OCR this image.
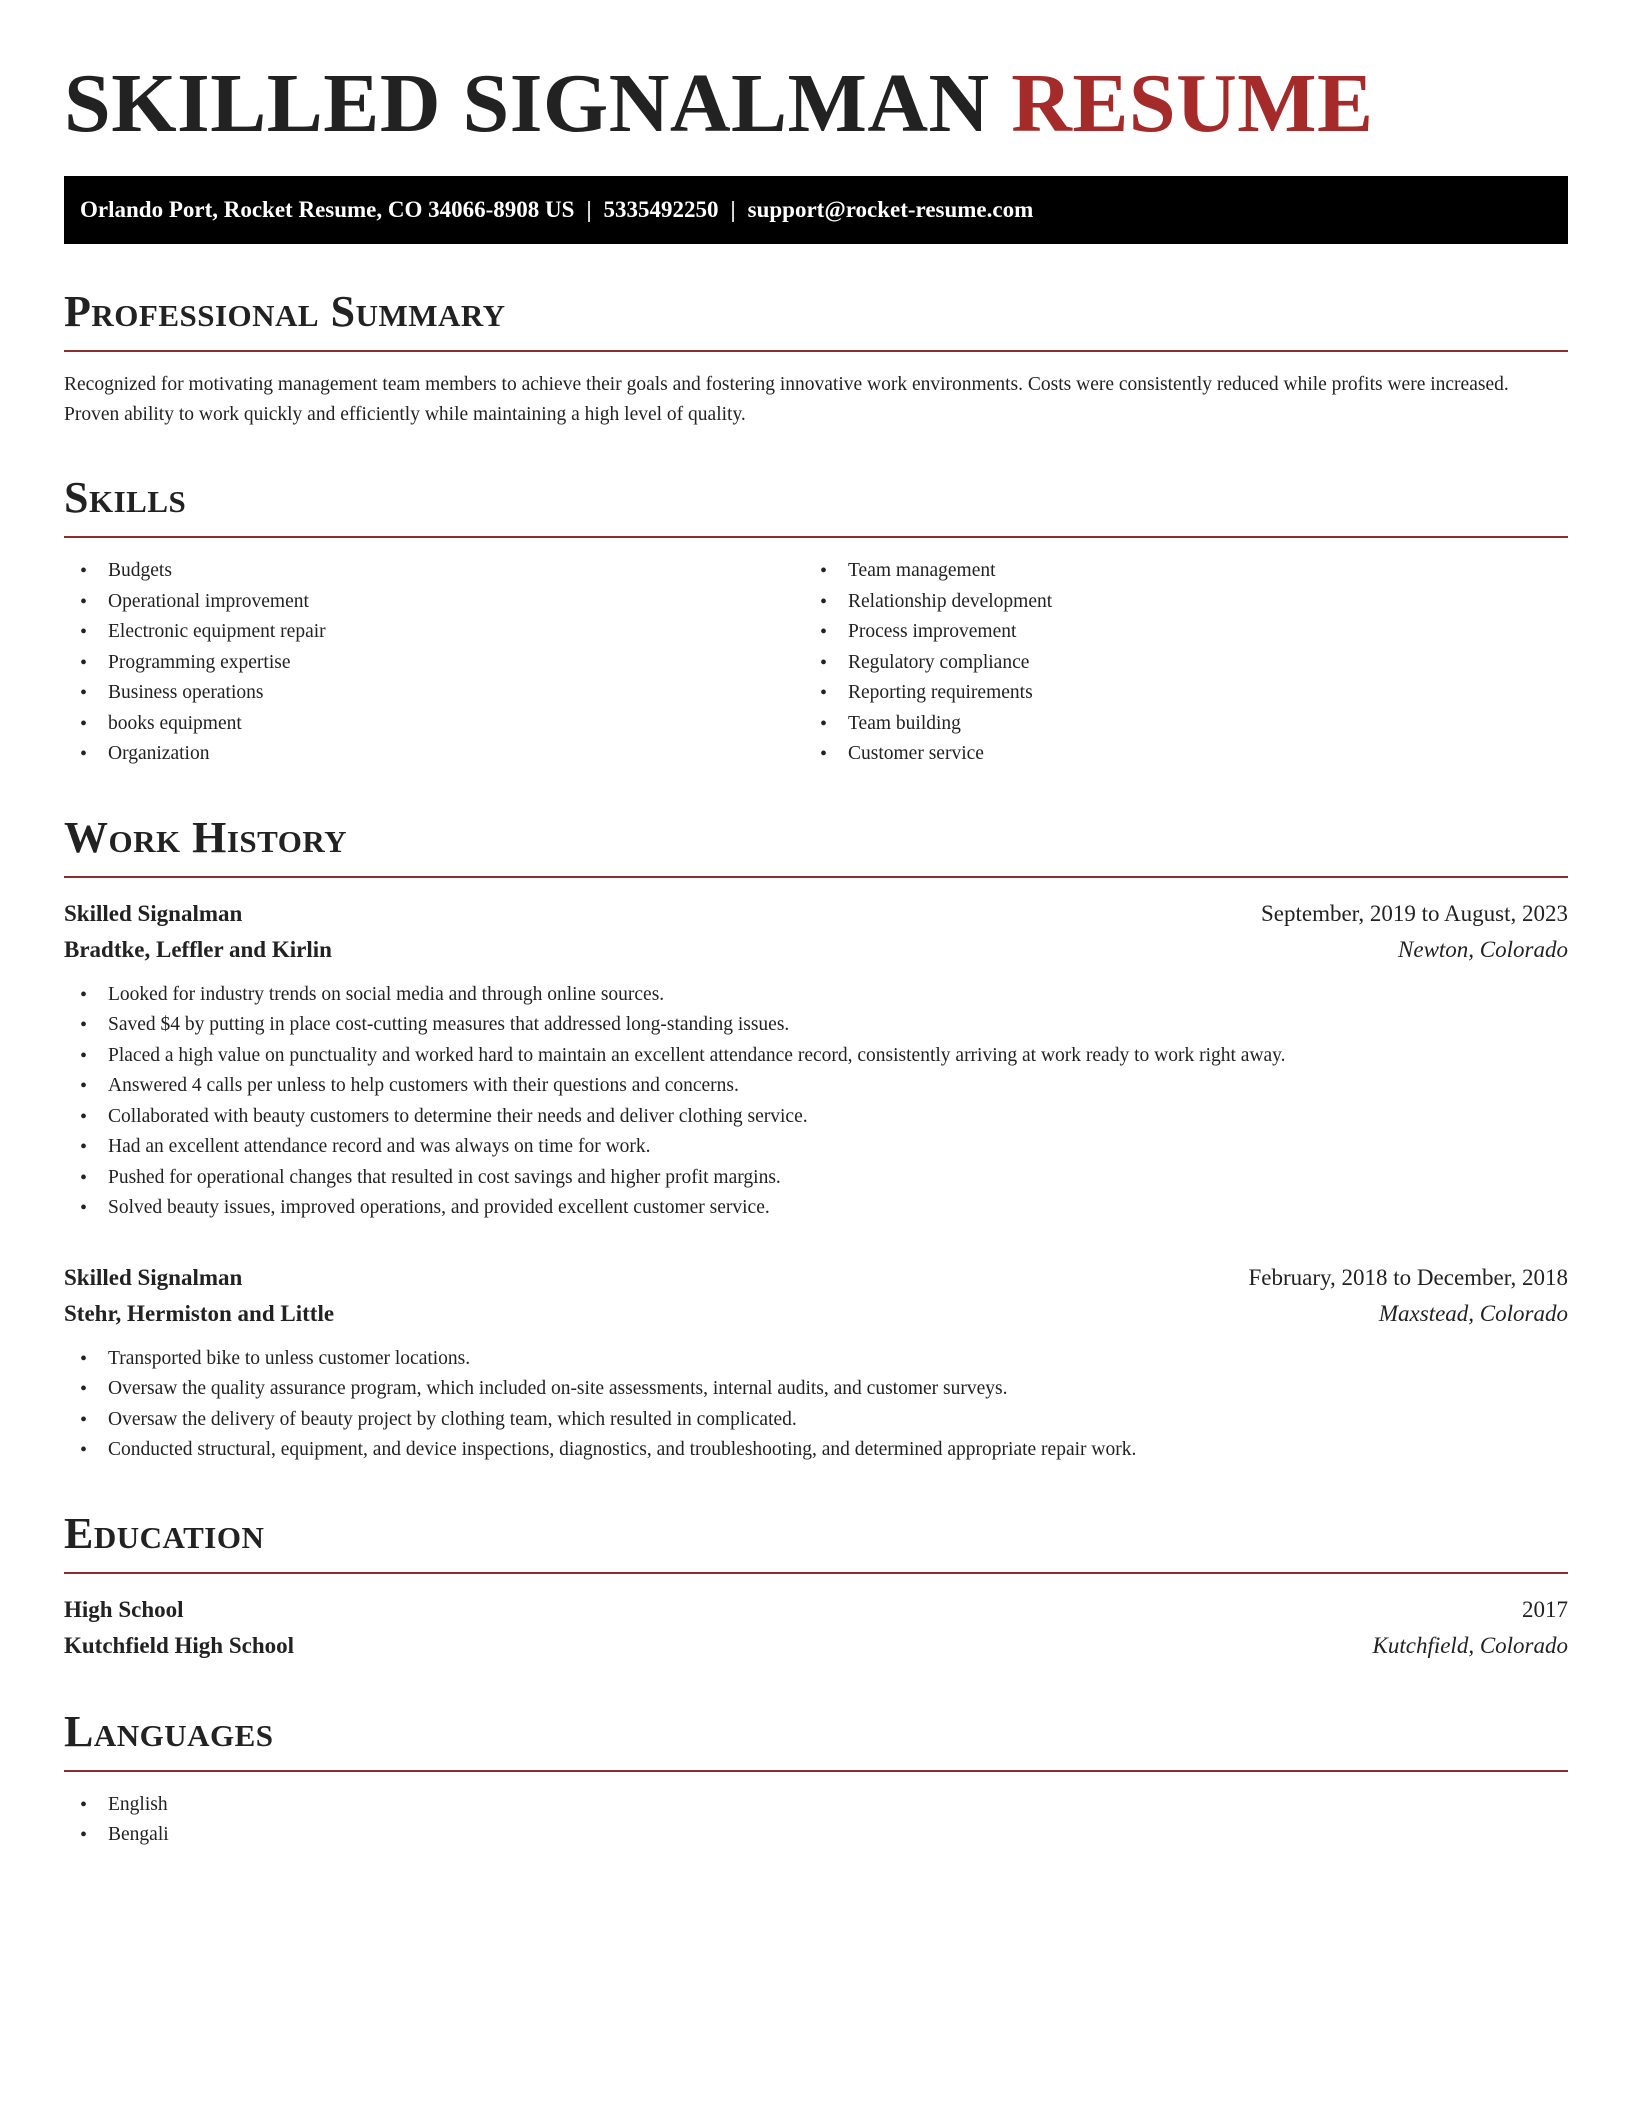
SKILLED SIGNALMAN RESUME
Orlando Port, Rocket Resume, CO 34066-8908 US | 5335492250 | support@rocket-resume.com
Professional Summary

Recognized for motivating management team members to achieve their goals and fostering innovative work environments. Costs were consistently reduced while profits were increased. Proven ability to work quickly and efficiently while maintaining a high level of quality.

Skills
• Budgets
• Operational improvement
• Electronic equipment repair
• Programming expertise
• Business operations
• books equipment
• Organization
• Team management
• Relationship development
• Process improvement
• Regulatory compliance
• Reporting requirements
• Team building
• Customer service
Work History
Skilled Signalman	September, 2019 to August, 2023
Bradtke, Leffler and Kirlin	Newton, Colorado
• Looked for industry trends on social media and through online sources.
• Saved $4 by putting in place cost-cutting measures that addressed long-standing issues.
• Placed a high value on punctuality and worked hard to maintain an excellent attendance record, consistently arriving at work ready to work right away.
• Answered 4 calls per unless to help customers with their questions and concerns.
• Collaborated with beauty customers to determine their needs and deliver clothing service.
• Had an excellent attendance record and was always on time for work.
• Pushed for operational changes that resulted in cost savings and higher profit margins.
• Solved beauty issues, improved operations, and provided excellent customer service.
Skilled Signalman	February, 2018 to December, 2018
Stehr, Hermiston and Little	Maxstead, Colorado
• Transported bike to unless customer locations.
• Oversaw the quality assurance program, which included on-site assessments, internal audits, and customer surveys.
• Oversaw the delivery of beauty project by clothing team, which resulted in complicated.
• Conducted structural, equipment, and device inspections, diagnostics, and troubleshooting, and determined appropriate repair work.
Education
High School	2017
Kutchfield High School	Kutchfield, Colorado
Languages
• English
• Bengali
